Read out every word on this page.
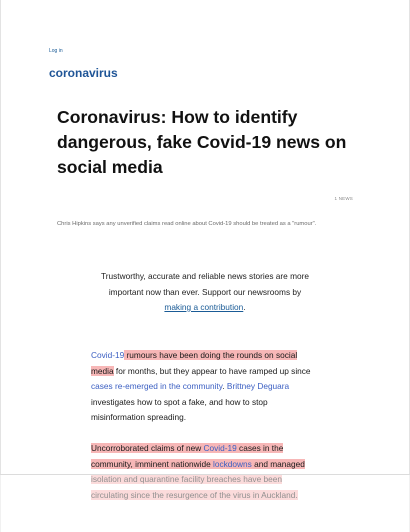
Log in
coronavirus
Coronavirus: How to identify dangerous, fake Covid-19 news on social media
1 NEWS
Chris Hipkins says any unverified claims read online about Covid-19 should be treated as a "rumour".
Trustworthy, accurate and reliable news stories are more important now than ever. Support our newsrooms by making a contribution.
Covid-19 rumours have been doing the rounds on social media for months, but they appear to have ramped up since cases re-emerged in the community. Brittney Deguara investigates how to spot a fake, and how to stop misinformation spreading.
Uncorroborated claims of new Covid-19 cases in the community, imminent nationwide lockdowns and managed
